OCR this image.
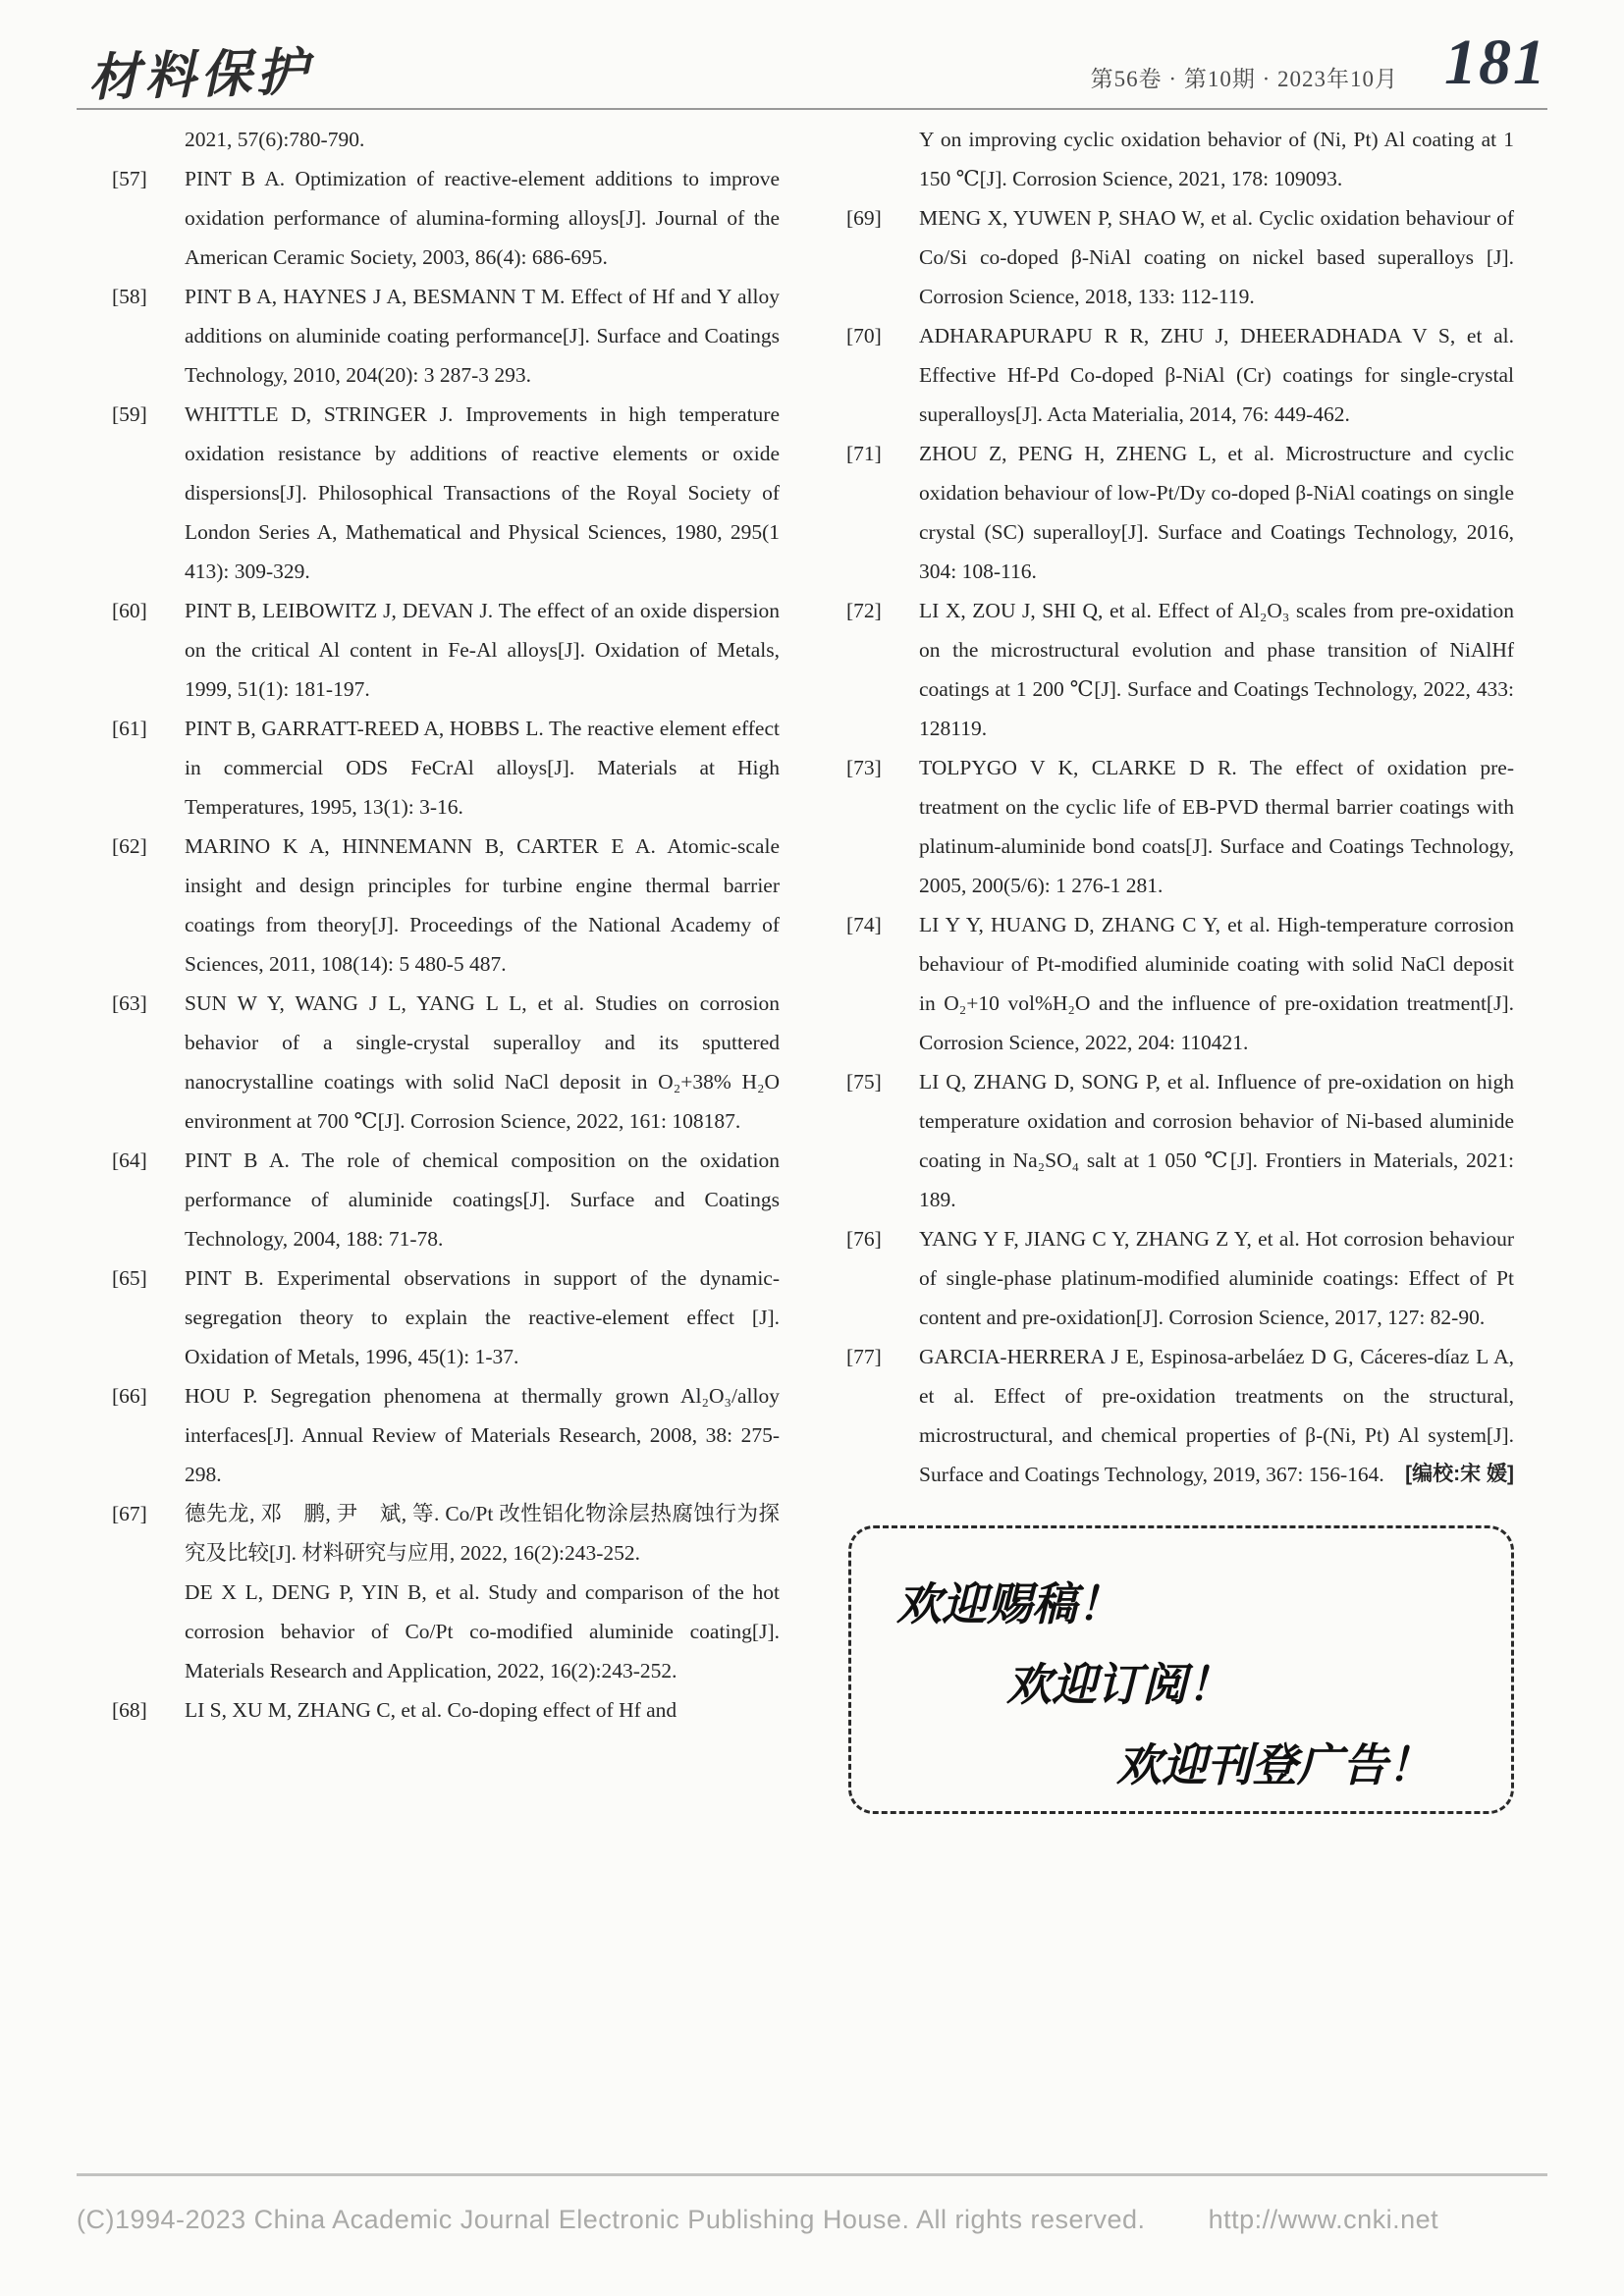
材料保护	第56卷 · 第10期 · 2023年10月 181
2021, 57(6):780-790.
[57]	PINT B A. Optimization of reactive-element additions to improve oxidation performance of alumina-forming alloys[J]. Journal of the American Ceramic Society, 2003, 86(4): 686-695.
[58]	PINT B A, HAYNES J A, BESMANN T M. Effect of Hf and Y alloy additions on aluminide coating performance[J]. Surface and Coatings Technology, 2010, 204(20): 3 287-3 293.
[59]	WHITTLE D, STRINGER J. Improvements in high temperature oxidation resistance by additions of reactive elements or oxide dispersions[J]. Philosophical Transactions of the Royal Society of London Series A, Mathematical and Physical Sciences, 1980, 295(1 413): 309-329.
[60]	PINT B, LEIBOWITZ J, DEVAN J. The effect of an oxide dispersion on the critical Al content in Fe-Al alloys[J]. Oxidation of Metals, 1999, 51(1): 181-197.
[61]	PINT B, GARRATT-REED A, HOBBS L. The reactive element effect in commercial ODS FeCrAl alloys[J]. Materials at High Temperatures, 1995, 13(1): 3-16.
[62]	MARINO K A, HINNEMANN B, CARTER E A. Atomic-scale insight and design principles for turbine engine thermal barrier coatings from theory[J]. Proceedings of the National Academy of Sciences, 2011, 108(14): 5 480-5 487.
[63]	SUN W Y, WANG J L, YANG L L, et al. Studies on corrosion behavior of a single-crystal superalloy and its sputtered nanocrystalline coatings with solid NaCl deposit in O₂+38% H₂O environment at 700 ℃[J]. Corrosion Science, 2022, 161: 108187.
[64]	PINT B A. The role of chemical composition on the oxidation performance of aluminide coatings[J]. Surface and Coatings Technology, 2004, 188: 71-78.
[65]	PINT B. Experimental observations in support of the dynamic-segregation theory to explain the reactive-element effect [J]. Oxidation of Metals, 1996, 45(1): 1-37.
[66]	HOU P. Segregation phenomena at thermally grown Al₂O₃/alloy interfaces[J]. Annual Review of Materials Research, 2008, 38: 275-298.
[67]	德先龙, 邓　鹏, 尹　斌, 等. Co/Pt 改性铝化物涂层热腐蚀行为探究及比较[J]. 材料研究与应用, 2022, 16(2):243-252.
DE X L, DENG P, YIN B, et al. Study and comparison of the hot corrosion behavior of Co/Pt co-modified aluminide coating[J]. Materials Research and Application, 2022, 16(2):243-252.
[68]	LI S, XU M, ZHANG C, et al. Co-doping effect of Hf and
Y on improving cyclic oxidation behavior of (Ni, Pt) Al coating at 1 150 ℃[J]. Corrosion Science, 2021, 178: 109093.
[69]	MENG X, YUWEN P, SHAO W, et al. Cyclic oxidation behaviour of Co/Si co-doped β-NiAl coating on nickel based superalloys [J]. Corrosion Science, 2018, 133: 112-119.
[70]	ADHARAPURAPU R R, ZHU J, DHEERADHADA V S, et al. Effective Hf-Pd Co-doped β-NiAl (Cr) coatings for single-crystal superalloys[J]. Acta Materialia, 2014, 76: 449-462.
[71]	ZHOU Z, PENG H, ZHENG L, et al. Microstructure and cyclic oxidation behaviour of low-Pt/Dy co-doped β-NiAl coatings on single crystal (SC) superalloy[J]. Surface and Coatings Technology, 2016, 304: 108-116.
[72]	LI X, ZOU J, SHI Q, et al. Effect of Al₂O₃ scales from pre-oxidation on the microstructural evolution and phase transition of NiAlHf coatings at 1 200 ℃[J]. Surface and Coatings Technology, 2022, 433: 128119.
[73]	TOLPYGO V K, CLARKE D R. The effect of oxidation pre-treatment on the cyclic life of EB-PVD thermal barrier coatings with platinum-aluminide bond coats[J]. Surface and Coatings Technology, 2005, 200(5/6): 1 276-1 281.
[74]	LI Y Y, HUANG D, ZHANG C Y, et al. High-temperature corrosion behaviour of Pt-modified aluminide coating with solid NaCl deposit in O₂+10 vol%H₂O and the influence of pre-oxidation treatment[J]. Corrosion Science, 2022, 204: 110421.
[75]	LI Q, ZHANG D, SONG P, et al. Influence of pre-oxidation on high temperature oxidation and corrosion behavior of Ni-based aluminide coating in Na₂SO₄ salt at 1 050 ℃[J]. Frontiers in Materials, 2021: 189.
[76]	YANG Y F, JIANG C Y, ZHANG Z Y, et al. Hot corrosion behaviour of single-phase platinum-modified aluminide coatings: Effect of Pt content and pre-oxidation[J]. Corrosion Science, 2017, 127: 82-90.
[77]	GARCIA-HERRERA J E, Espinosa-arbeláez D G, Cáceres-díaz L A, et al. Effect of pre-oxidation treatments on the structural, microstructural, and chemical properties of β-(Ni, Pt) Al system[J]. Surface and Coatings Technology, 2019, 367: 156-164. [编校:宋 媛]
欢迎赐稿！
欢迎订阅！
欢迎刊登广告！
(C)1994-2023 China Academic Journal Electronic Publishing House. All rights reserved. http://www.cnki.net
